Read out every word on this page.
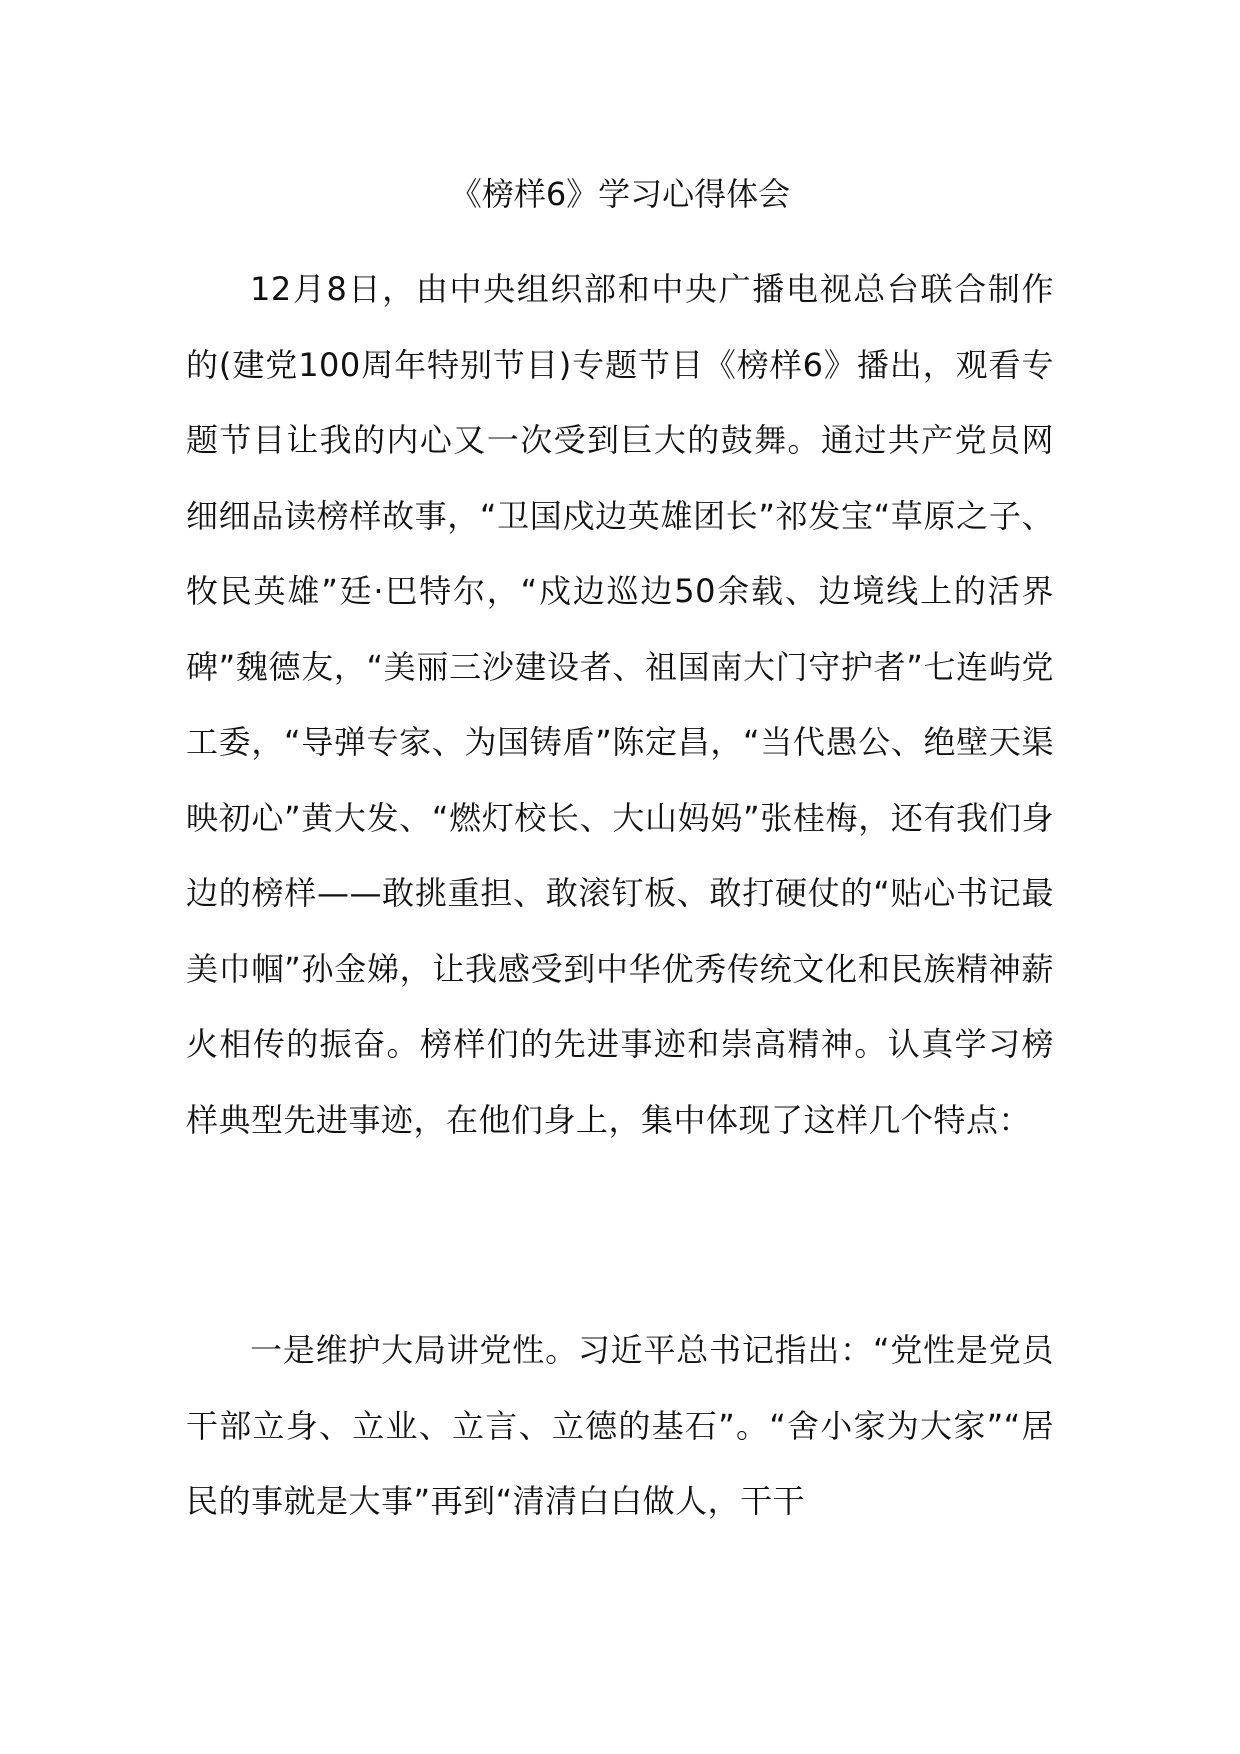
《榜样6》学习心得体会

12月8日，由中央组织部和中央广播电视总台联合制作的(建党100周年特别节目)专题节目《榜样6》播出，观看专题节目让我的内心又一次受到巨大的鼓舞。通过共产党员网细细品读榜样故事，“卫国戍边英雄团长”祁发宝“草原之子、牧民英雄”廷·巴特尔，“戍边巡边50余载、边境线上的活界碑”魏德友，“美丽三沙建设者、祖国南大门守护者”七连屿党工委，“导弹专家、为国铸盾”陈定昌，“当代愚公、绝壁天渠映初心”黄大发、“燃灯校长、大山妈妈”张桂梅，还有我们身边的榜样——敢挑重担、敢滚钉板、敢打硬仗的“贴心书记最美巾帼”孙金娣，让我感受到中华优秀传统文化和民族精神薪火相传的振奋。榜样们的先进事迹和崇高精神。认真学习榜样典型先进事迹，在他们身上，集中体现了这样几个特点：

一是维护大局讲党性。习近平总书记指出：“党性是党员干部立身、立业、立言、立德的基石”。“舍小家为大家”“居民的事就是大事”再到“清清白白做人，干干
